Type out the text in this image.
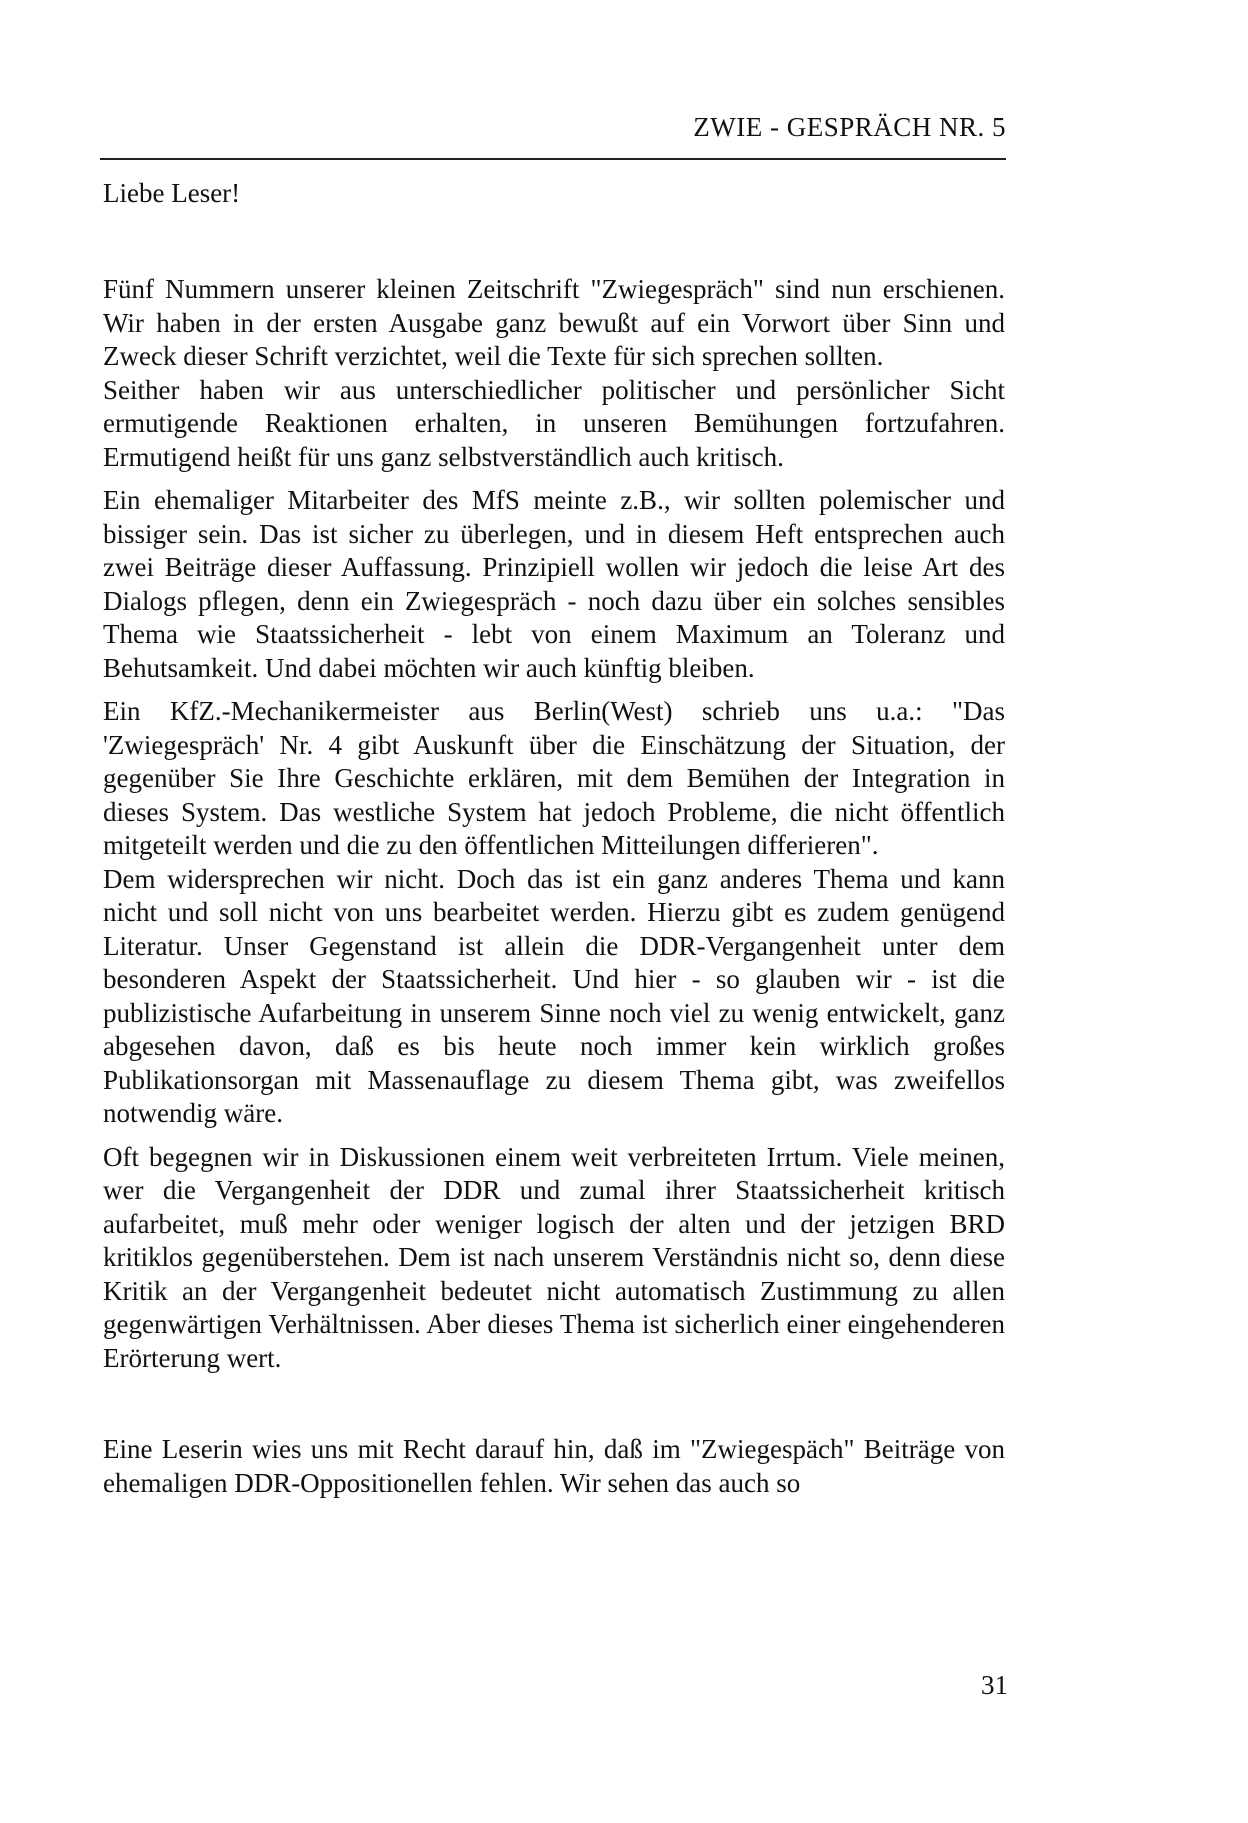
ZWIE - GESPRÄCH NR. 5
Liebe Leser!

Fünf Nummern unserer kleinen Zeitschrift "Zwiegespräch" sind nun erschienen. Wir haben in der ersten Ausgabe ganz bewußt auf ein Vorwort über Sinn und Zweck dieser Schrift verzichtet, weil die Texte für sich sprechen sollten.

Seither haben wir aus unterschiedlicher politischer und persönlicher Sicht ermutigende Reaktionen erhalten, in unseren Bemühungen fortzufahren. Ermutigend heißt für uns ganz selbstverständlich auch kritisch.

Ein ehemaliger Mitarbeiter des MfS meinte z.B., wir sollten polemischer und bissiger sein. Das ist sicher zu überlegen, und in diesem Heft entsprechen auch zwei Beiträge dieser Auffassung. Prinzipiell wollen wir jedoch die leise Art des Dialogs pflegen, denn ein Zwiegespräch - noch dazu über ein solches sensibles Thema wie Staatssicherheit - lebt von einem Maximum an Toleranz und Behutsamkeit. Und dabei möchten wir auch künftig bleiben.

Ein KfZ.-Mechanikermeister aus Berlin(West) schrieb uns u.a.: "Das 'Zwiegespräch' Nr. 4 gibt Auskunft über die Einschätzung der Situation, der gegenüber Sie Ihre Geschichte erklären, mit dem Bemühen der Integration in dieses System. Das westliche System hat jedoch Probleme, die nicht öffentlich mitgeteilt werden und die zu den öffentlichen Mitteilungen differieren".

Dem widersprechen wir nicht. Doch das ist ein ganz anderes Thema und kann nicht und soll nicht von uns bearbeitet werden. Hierzu gibt es zudem genügend Literatur. Unser Gegenstand ist allein die DDR-Vergangenheit unter dem besonderen Aspekt der Staatssicherheit. Und hier - so glauben wir - ist die publizistische Aufarbeitung in unserem Sinne noch viel zu wenig entwickelt, ganz abgesehen davon, daß es bis heute noch immer kein wirklich großes Publikationsorgan mit Massenauflage zu diesem Thema gibt, was zweifellos notwendig wäre.

Oft begegnen wir in Diskussionen einem weit verbreiteten Irrtum. Viele meinen, wer die Vergangenheit der DDR und zumal ihrer Staatssicherheit kritisch aufarbeitet, muß mehr oder weniger logisch der alten und der jetzigen BRD kritiklos gegenüberstehen. Dem ist nach unserem Verständnis nicht so, denn diese Kritik an der Vergangenheit bedeutet nicht automatisch Zustimmung zu allen gegenwärtigen Verhältnissen. Aber dieses Thema ist sicherlich einer eingehenderen Erörterung wert.

Eine Leserin wies uns mit Recht darauf hin, daß im "Zwiegespäch" Beiträge von ehemaligen DDR-Oppositionellen fehlen. Wir sehen das auch so

31
